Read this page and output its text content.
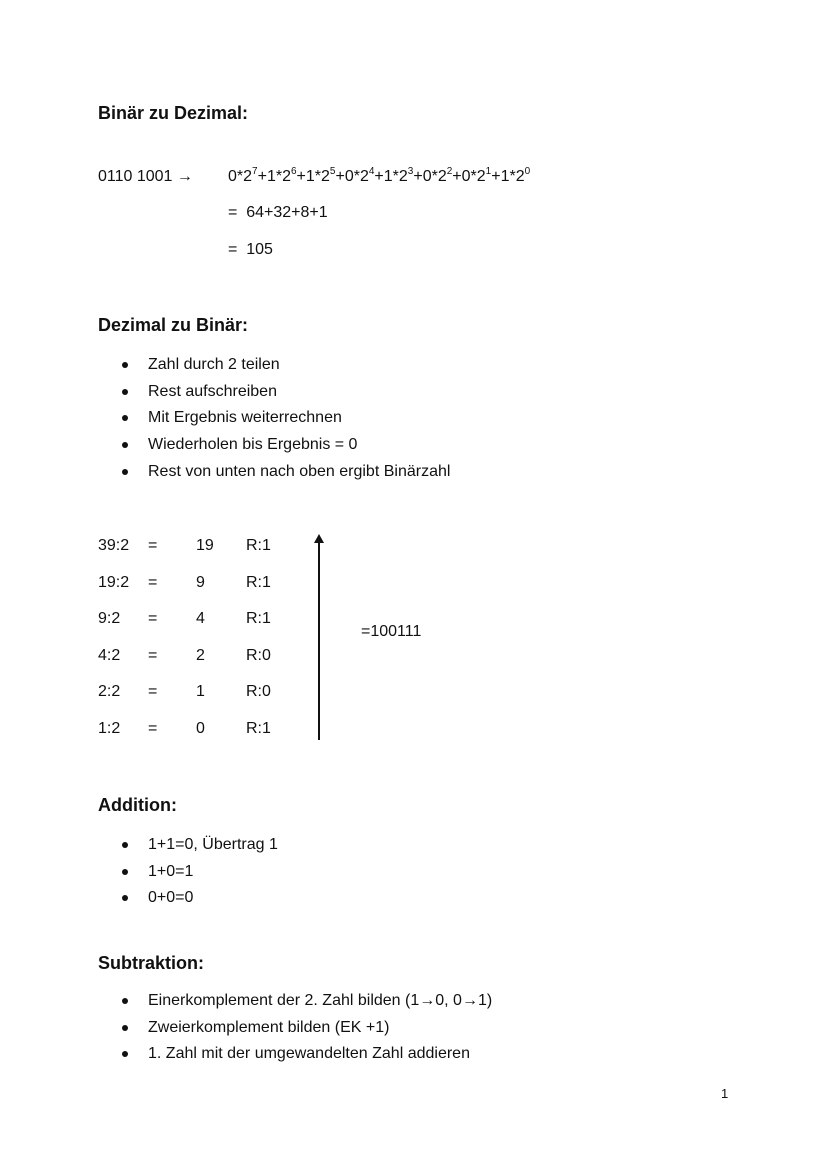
Binär zu Dezimal:
0110 $1001 \to 0*2^7+1*2^6+1*2^5+0*2^4+1*2^3+0*2^2+0*2^1+1*2^0$
=  64+32+8+1
=  105
Dezimal zu Binär:
Zahl durch 2 teilen
Rest aufschreiben
Mit Ergebnis weiterrechnen
Wiederholen bis Ergebnis = 0
Rest von unten nach oben ergibt Binärzahl
39:2 = 19 R:1
19:2 = 9	R:1
9:2 = 4	R:1
4:2 = 2	R:0
2:2 = 1	R:0
1:2 = 0	R:1
=100111
Addition:
1+1=0, Übertrag 1
1+0=1
0+0=0
Subtraktion:
Einerkomplement der 2. Zahl bilden (1→0, 0→1)
Zweierkomplement bilden (EK +1)
1. Zahl mit der umgewandelten Zahl addieren
1
